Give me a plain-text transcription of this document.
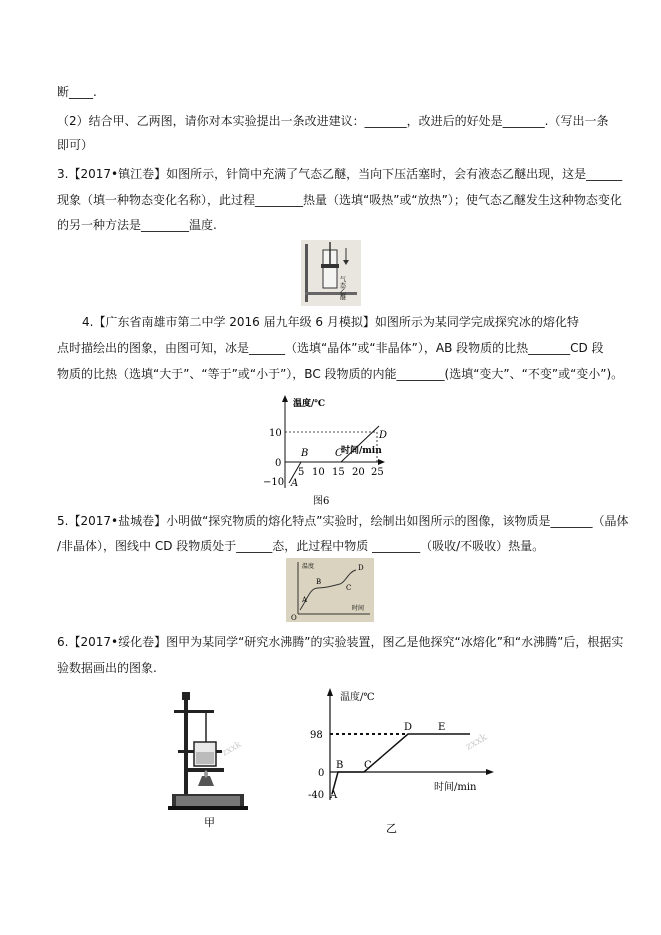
断____.
（2）结合甲、乙两图，请你对本实验提出一条改进建议：_______，改进后的好处是_______.（写出一条
即可）
3.【2017•镇江卷】如图所示，针筒中充满了气态乙醚，当向下压活塞时，会有液态乙醚出现，这是______
现象（填一种物态变化名称），此过程________热量（选填“吸热”或“放热”）；使气态乙醚发生这种物态变化
的另一种方法是________温度.
4.【广东省南雄市第二中学 2016 届九年级 6 月模拟】如图所示为某同学完成探究冰的熔化特
点时描绘出的图象，由图可知，冰是______（选填“晶体”或“非晶体”），AB 段物质的比热_______CD 段
物质的比热（选填“大于”、“等于”或“小于”），BC 段物质的内能________(选填“变大”、“不变”或“变小”)。
5.【2017•盐城卷】小明做“探究物质的熔化特点”实验时，绘制出如图所示的图像，该物质是_______（晶体
/非晶体），图线中 CD 段物质处于______态，此过程中物质 ________（吸收/不吸收）热量。
6.【2017•绥化卷】图甲为某同学“研究水沸腾”的实验装置，图乙是他探究“冰熔化”和“水沸腾”后，根据实
验数据画出的图象.
气态乙醚
温度/℃
时间/min
10
0
−10
5 10 15 20 25
A
B	C
D
图6
温度
时间
O
A
B
C
D
zxxk
甲
温度/℃
时间/min
98
0
-40 A
B C
D	E
zxxk
乙
